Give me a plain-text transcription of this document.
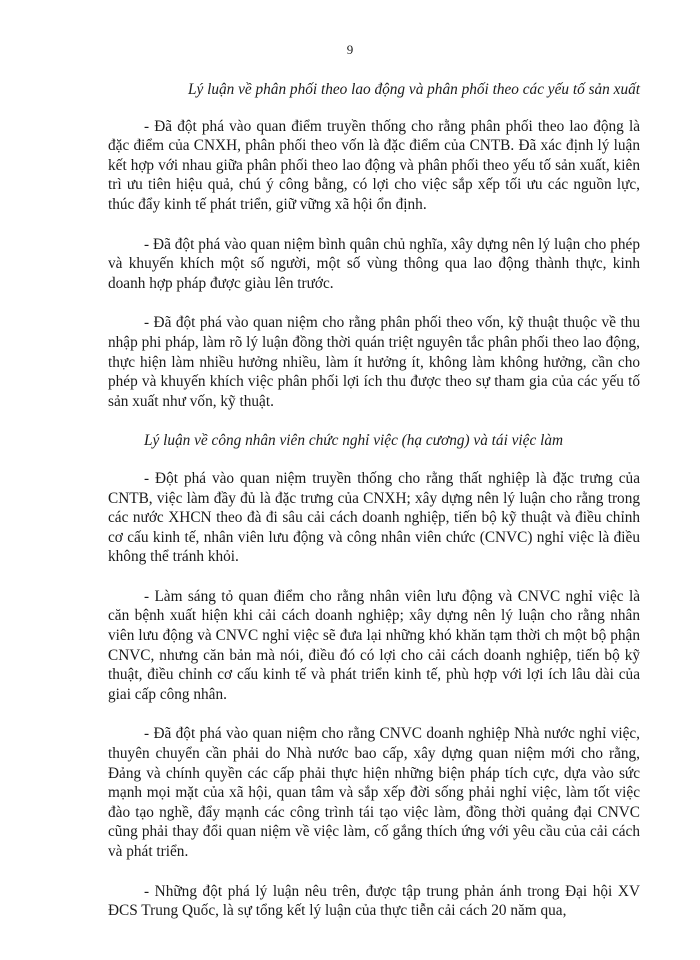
9

Lý luận về phân phối theo lao động và phân phối theo các yếu tố sản xuất

- Đã đột phá vào quan điểm truyền thống cho rằng phân phối theo lao động là đặc điểm của CNXH, phân phối theo vốn là đặc điểm của CNTB. Đã xác định lý luận kết hợp với nhau giữa phân phối theo lao động và phân phối theo yếu tố sản xuất, kiên trì ưu tiên hiệu quả, chú ý công bằng, có lợi cho việc sắp xếp tối ưu các nguồn lực, thúc đẩy kinh tế phát triển, giữ vững xã hội ổn định.

- Đã đột phá vào quan niệm bình quân chủ nghĩa, xây dựng nên lý luận cho phép và khuyến khích một số người, một số vùng thông qua lao động thành thực, kinh doanh hợp pháp được giàu lên trước.

- Đã đột phá vào quan niệm cho rằng phân phối theo vốn, kỹ thuật thuộc về thu nhập phi pháp, làm rõ lý luận đồng thời quán triệt nguyên tắc phân phối theo lao động, thực hiện làm nhiều hưởng nhiều, làm ít hưởng ít, không làm không hưởng, cần cho phép và khuyến khích việc phân phối lợi ích thu được theo sự tham gia của các yếu tố sản xuất như vốn, kỹ thuật.

Lý luận về công nhân viên chức nghỉ việc (hạ cương) và tái việc làm

- Đột phá vào quan niệm truyền thống cho rằng thất nghiệp là đặc trưng của CNTB, việc làm đầy đủ là đặc trưng của CNXH; xây dựng nên lý luận cho rằng trong các nước XHCN theo đà đi sâu cải cách doanh nghiệp, tiến bộ kỹ thuật và điều chỉnh cơ cấu kinh tế, nhân viên lưu động và công nhân viên chức (CNVC) nghỉ việc là điều không thể tránh khỏi.

- Làm sáng tỏ quan điểm cho rằng nhân viên lưu động và CNVC nghỉ việc là căn bệnh xuất hiện khi cải cách doanh nghiệp; xây dựng nên lý luận cho rằng nhân viên lưu động và CNVC nghỉ việc sẽ đưa lại những khó khăn tạm thời ch một bộ phận CNVC, nhưng căn bản mà nói, điều đó có lợi cho cải cách doanh nghiệp, tiến bộ kỹ thuật, điều chỉnh cơ cấu kinh tế và phát triển kinh tế, phù hợp với lợi ích lâu dài của giai cấp công nhân.

- Đã đột phá vào quan niệm cho rằng CNVC doanh nghiệp Nhà nước nghỉ việc, thuyên chuyển cần phải do Nhà nước bao cấp, xây dựng quan niệm mới cho rằng, Đảng và chính quyền các cấp phải thực hiện những biện pháp tích cực, dựa vào sức mạnh mọi mặt của xã hội, quan tâm và sắp xếp đời sống phải nghỉ việc, làm tốt việc đào tạo nghề, đẩy mạnh các công trình tái tạo việc làm, đồng thời quảng đại CNVC cũng phải thay đổi quan niệm về việc làm, cố gắng thích ứng với yêu cầu của cải cách và phát triển.

- Những đột phá lý luận nêu trên, được tập trung phản ánh trong Đại hội XV ĐCS Trung Quốc, là sự tổng kết lý luận của thực tiễn cải cách 20 năm qua,
